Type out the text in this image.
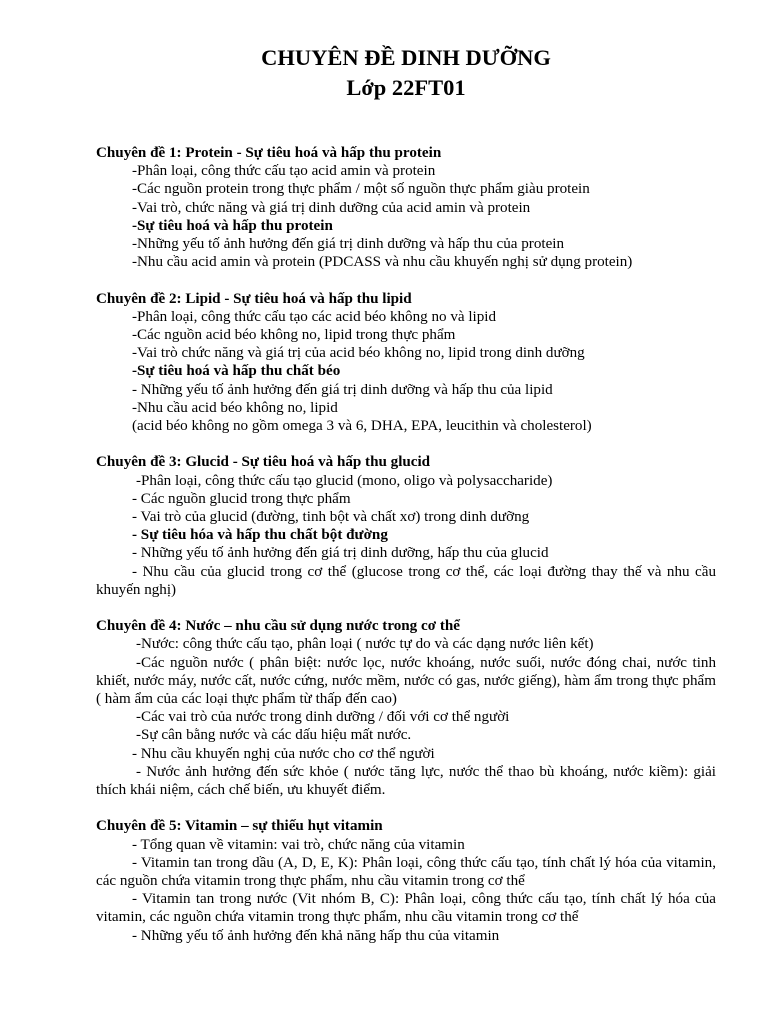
CHUYÊN ĐỀ DINH DƯỠNG
Lớp 22FT01
Chuyên đề 1: Protein - Sự tiêu hoá và hấp thu protein
-Phân loại, công thức cấu tạo acid amin và protein
-Các nguồn protein trong thực phẩm / một số nguồn thực phẩm giàu protein
-Vai trò, chức năng và giá trị dinh dưỡng của acid amin và protein
-Sự tiêu hoá và hấp thu protein
-Những yếu tố ảnh hưởng đến giá trị dinh dưỡng và hấp thu của protein
-Nhu cầu acid amin và protein (PDCASS và nhu cầu khuyến nghị sử dụng protein)
Chuyên đề 2: Lipid - Sự tiêu hoá và hấp thu lipid
-Phân loại, công thức cấu tạo các acid béo không no và lipid
-Các nguồn acid béo không no, lipid trong thực phẩm
-Vai trò chức năng và giá trị của acid béo không no, lipid trong dinh dưỡng
-Sự tiêu hoá và hấp thu chất béo
- Những yếu tố ảnh hưởng đến giá trị dinh dưỡng và hấp thu của lipid
-Nhu cầu acid béo không no, lipid
(acid béo không no gồm omega 3 và 6, DHA, EPA, leucithin và cholesterol)
Chuyên đề 3: Glucid - Sự tiêu hoá và hấp thu glucid
-Phân loại, công thức cấu tạo glucid (mono, oligo và polysaccharide)
- Các nguồn glucid trong thực phẩm
- Vai trò của glucid (đường, tinh bột và chất xơ) trong dinh dưỡng
- Sự tiêu hóa và hấp thu chất bột đường
- Những yếu tố ảnh hưởng đến giá trị dinh dưỡng, hấp thu của glucid
- Nhu cầu của glucid trong cơ thể (glucose trong cơ thể, các loại đường thay thế và nhu cầu khuyến nghị)
Chuyên đề 4: Nước – nhu cầu sử dụng nước trong cơ thể
-Nước: công thức cấu tạo, phân loại ( nước tự do và các dạng nước liên kết)
-Các nguồn nước ( phân biệt: nước lọc, nước khoáng, nước suối, nước đóng chai, nước tinh khiết, nước máy, nước cất, nước cứng, nước mềm, nước có gas, nước giếng), hàm ẩm trong thực phẩm ( hàm ẩm của các loại thực phẩm từ thấp đến cao)
-Các vai trò của nước trong dinh dưỡng / đối với cơ thể người
-Sự cân bằng nước và các dấu hiệu mất nước.
- Nhu cầu khuyến nghị của nước cho cơ thể người
- Nước ảnh hưởng đến sức khỏe ( nước tăng lực, nước thể thao bù khoáng, nước kiềm): giải thích khái niệm, cách chế biến, ưu khuyết điểm.
Chuyên đề 5: Vitamin – sự thiếu hụt vitamin
- Tổng quan về vitamin: vai trò, chức năng của vitamin
- Vitamin tan trong dầu (A, D, E, K): Phân loại, công thức cấu tạo, tính chất lý hóa của vitamin, các nguồn chứa vitamin trong thực phẩm, nhu cầu vitamin trong cơ thể
- Vitamin tan trong nước (Vit nhóm B, C): Phân loại, công thức cấu tạo, tính chất lý hóa của vitamin, các nguồn chứa vitamin trong thực phẩm, nhu cầu vitamin trong cơ thể
- Những yếu tố ảnh hưởng đến khả năng hấp thu của vitamin
